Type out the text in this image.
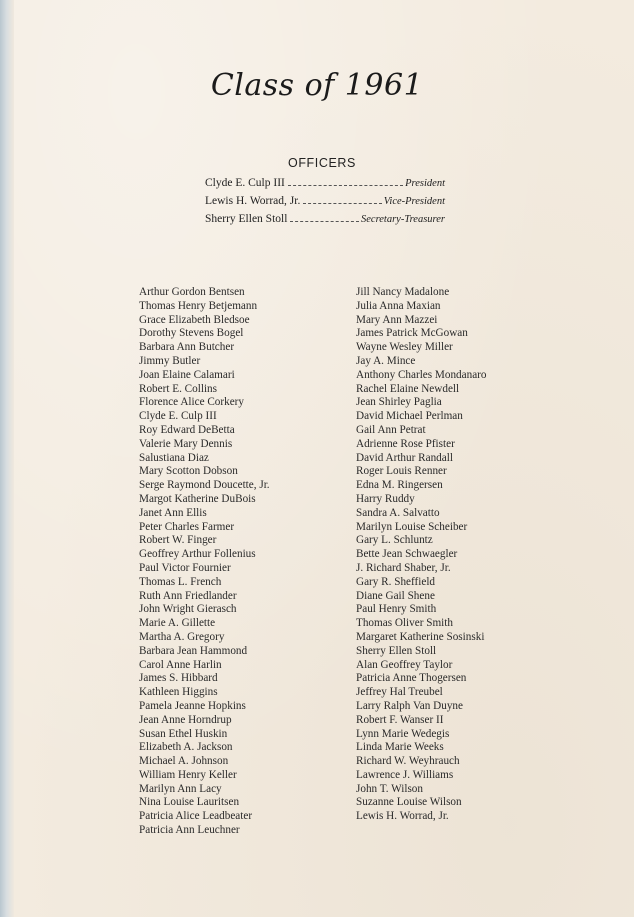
Class of 1961
OFFICERS
Clyde E. Culp III	President
Lewis H. Worrad, Jr.	Vice-President
Sherry Ellen Stoll	Secretary-Treasurer
Arthur Gordon Bentsen
Thomas Henry Betjemann
Grace Elizabeth Bledsoe
Dorothy Stevens Bogel
Barbara Ann Butcher
Jimmy Butler
Joan Elaine Calamari
Robert E. Collins
Florence Alice Corkery
Clyde E. Culp III
Roy Edward DeBetta
Valerie Mary Dennis
Salustiana Diaz
Mary Scotton Dobson
Serge Raymond Doucette, Jr.
Margot Katherine DuBois
Janet Ann Ellis
Peter Charles Farmer
Robert W. Finger
Geoffrey Arthur Follenius
Paul Victor Fournier
Thomas L. French
Ruth Ann Friedlander
John Wright Gierasch
Marie A. Gillette
Martha A. Gregory
Barbara Jean Hammond
Carol Anne Harlin
James S. Hibbard
Kathleen Higgins
Pamela Jeanne Hopkins
Jean Anne Horndrup
Susan Ethel Huskin
Elizabeth A. Jackson
Michael A. Johnson
William Henry Keller
Marilyn Ann Lacy
Nina Louise Lauritsen
Patricia Alice Leadbeater
Patricia Ann Leuchner
Jill Nancy Madalone
Julia Anna Maxian
Mary Ann Mazzei
James Patrick McGowan
Wayne Wesley Miller
Jay A. Mince
Anthony Charles Mondanaro
Rachel Elaine Newdell
Jean Shirley Paglia
David Michael Perlman
Gail Ann Petrat
Adrienne Rose Pfister
David Arthur Randall
Roger Louis Renner
Edna M. Ringersen
Harry Ruddy
Sandra A. Salvatto
Marilyn Louise Scheiber
Gary L. Schluntz
Bette Jean Schwaegler
J. Richard Shaber, Jr.
Gary R. Sheffield
Diane Gail Shene
Paul Henry Smith
Thomas Oliver Smith
Margaret Katherine Sosinski
Sherry Ellen Stoll
Alan Geoffrey Taylor
Patricia Anne Thogersen
Jeffrey Hal Treubel
Larry Ralph Van Duyne
Robert F. Wanser II
Lynn Marie Wedegis
Linda Marie Weeks
Richard W. Weyhrauch
Lawrence J. Williams
John T. Wilson
Suzanne Louise Wilson
Lewis H. Worrad, Jr.
